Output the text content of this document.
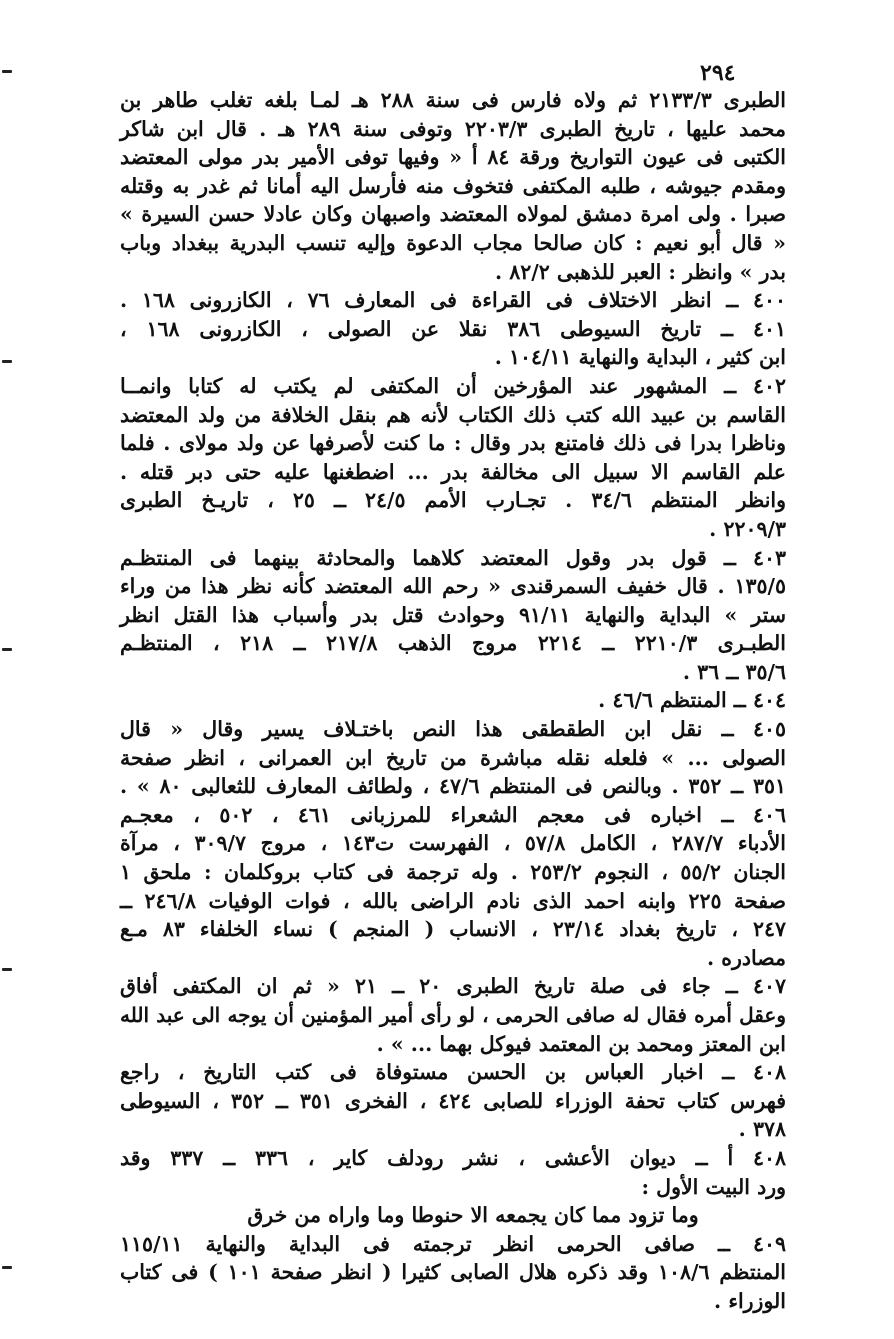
٢٩٤
الطبرى ٢١٣٣/٣ ثم ولاه فارس فى سنة ٢٨٨ هـ لمـا بلغه تغلب طاهر بن
محمد عليها ، تاريخ الطبرى ٢٢٠٣/٣ وتوفى سنة ٢٨٩ هـ . قال ابن شاكر
الكتبى فى عيون التواريخ ورقة ٨٤ أ « وفيها توفى الأمير بدر مولى المعتضد
ومقدم جيوشه ، طلبه المكتفى فتخوف منه فأرسل اليه أمانا ثم غدر به وقتله
صبرا . ولى امرة دمشق لمولاه المعتضد واصبهان وكان عادلا حسن السيرة »
« قال أبو نعيم : كان صالحا مجاب الدعوة وإليه تنسب البدرية ببغداد وباب
بدر » وانظر : العبر للذهبى ٨٢/٢ .
٤٠٠ ــ انظر الاختلاف فى القراءة فى المعارف ٧٦ ، الكازرونى ١٦٨ .
٤٠١ ــ تاريخ السيوطى ٣٨٦ نقلا عن الصولى ، الكازرونى ١٦٨ ،
ابن كثير ، البداية والنهاية ١٠٤/١١ .
٤٠٢ ــ المشهور عند المؤرخين أن المكتفى لم يكتب له كتابا وانمــا
القاسم بن عبيد الله كتب ذلك الكتاب لأنه هم بنقل الخلافة من ولد المعتضد
وناظرا بدرا فى ذلك فامتنع بدر وقال : ما كنت لأصرفها عن ولد مولاى . فلما
علم القاسم الا سبيل الى مخالفة بدر ... اضطغنها عليه حتى دبر قتله .
وانظر المنتظم ٣٤/٦ . تجـارب الأمم ٢٤/٥ ــ ٢٥ ، تاريـخ الطبرى
٢٢٠٩/٣ .
٤٠٣ ــ قول بدر وقول المعتضد كلاهما والمحادثة بينهما فى المنتظـم
١٣٥/٥ . قال خفيف السمرقندى « رحم الله المعتضد كأنه نظر هذا من وراء
ستر » البداية والنهاية ٩١/١١ وحوادث قتل بدر وأسباب هذا القتل انظر
الطبـرى ٢٢١٠/٣ ــ ٢٢١٤ مروج الذهب ٢١٧/٨ ــ ٢١٨ ، المنتظـم
٣٥/٦ ــ ٣٦ .
٤٠٤ ــ المنتظم ٤٦/٦ .
٤٠٥ ــ نقل ابن الطقطقى هذا النص باختـلاف يسير وقال « قال
الصولى ... » فلعله نقله مباشرة من تاريخ ابن العمرانى ، انظر صفحة
٣٥١ ــ ٣٥٢ . وبالنص فى المنتظم ٤٧/٦ ، ولطائف المعارف للثعالبى ٨٠ » .
٤٠٦ ــ اخباره فى معجم الشعراء للمرزبانى ٤٦١ ، ٥٠٢ ، معجـم
الأدباء ٢٨٧/٧ ، الكامل ٥٧/٨ ، الفهرست ت١٤٣ ، مروج ٣٠٩/٧ ، مرآة
الجنان ٥٥/٢ ، النجوم ٢٥٣/٢ . وله ترجمة فى كتاب بروكلمان : ملحق ١
صفحة ٢٢٥ وابنه احمد الذى نادم الراضى بالله ، فوات الوفيات ٢٤٦/٨ ــ
٢٤٧ ، تاريخ بغداد ٢٣/١٤ ، الانساب ( المنجم ) نساء الخلفاء ٨٣ مـع
مصادره .
٤٠٧ ــ جاء فى صلة تاريخ الطبرى ٢٠ ــ ٢١ « ثم ان المكتفى أفاق
وعقل أمره فقال له صافى الحرمى ، لو رأى أمير المؤمنين أن يوجه الى عبد الله
ابن المعتز ومحمد بن المعتمد فيوكل بهما ... » .
٤٠٨ ــ اخبار العباس بن الحسن مستوفاة فى كتب التاريخ ، راجع
فهرس كتاب تحفة الوزراء للصابى ٤٢٤ ، الفخرى ٣٥١ ــ ٣٥٢ ، السيوطى
٣٧٨ .
٤٠٨ أ ــ ديوان الأعشى ، نشر رودلف كاير ، ٣٣٦ ــ ٣٣٧ وقد
ورد البيت الأول :
وما تزود مما كان يجمعه الا حنوطا وما واراه من خرق
٤٠٩ ــ صافى الحرمى انظر ترجمته فى البداية والنهاية ١١٥/١١
المنتظم ١٠٨/٦ وقد ذكره هلال الصابى كثيرا ( انظر صفحة ١٠١ ) فى كتاب
الوزراء .
